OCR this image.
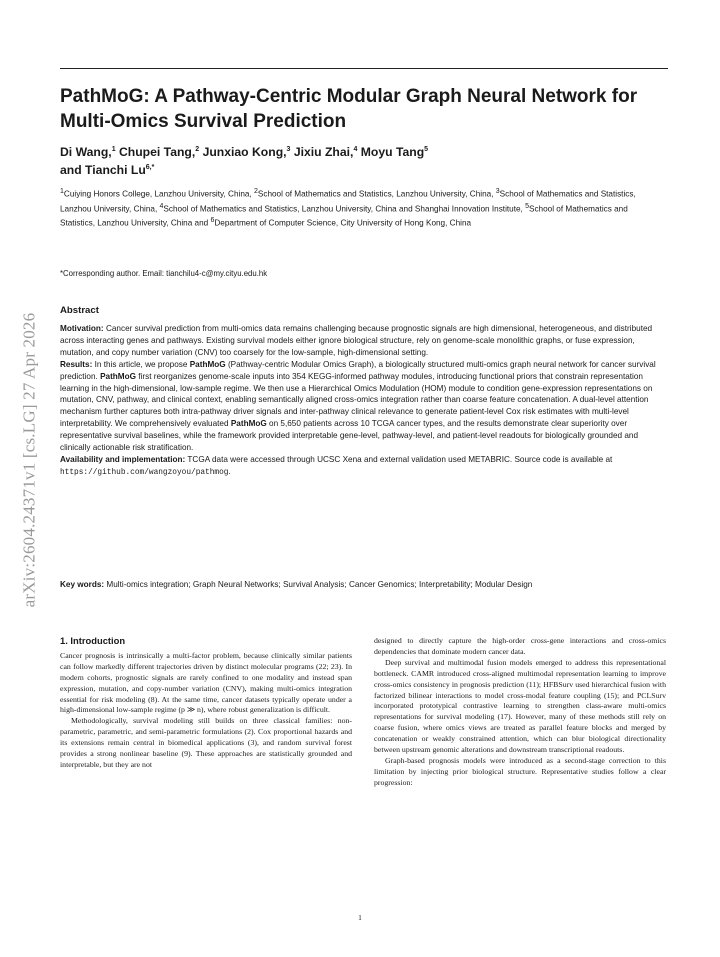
arXiv:2604.24371v1 [cs.LG] 27 Apr 2026
PathMoG: A Pathway-Centric Modular Graph Neural Network for Multi-Omics Survival Prediction

Di Wang,$^1$ Chupei Tang,$^2$ Junxiao Kong,$^3$ Jixiu Zhai,$^4$ Moyu Tang$^5$
and Tianchi $Lu^{6,*}$

$^1$Cuiying Honors College, Lanzhou University, China, $^2$School of Mathematics and Statistics, Lanzhou University, China, $^3$School of Mathematics and Statistics, Lanzhou University, China, $^4$School of Mathematics and Statistics, Lanzhou University, China and Shanghai Innovation Institute, $^5$School of Mathematics and Statistics, Lanzhou University, China and $^6$Department of Computer Science, City University of Hong Kong, China

*Corresponding author. Email: tianchilu4-c@my.cityu.edu.hk

Abstract

Motivation: Cancer survival prediction from multi-omics data remains challenging because prognostic signals are high dimensional, heterogeneous, and distributed across interacting genes and pathways. Existing survival models either ignore biological structure, rely on genome-scale monolithic graphs, or fuse expression, mutation, and copy number variation (CNV) too coarsely for the low-sample, high-dimensional setting.

Results: In this article, we propose PathMoG (Pathway-centric Modular Omics Graph), a biologically structured multi-omics graph neural network for cancer survival prediction. PathMoG first reorganizes genome-scale inputs into 354 KEGG-informed pathway modules, introducing functional priors that constrain representation learning in the high-dimensional, low-sample regime. We then use a Hierarchical Omics Modulation (HOM) module to condition gene-expression representations on mutation, CNV, pathway, and clinical context, enabling semantically aligned cross-omics integration rather than coarse feature concatenation. A dual-level attention mechanism further captures both intra-pathway driver signals and inter-pathway clinical relevance to generate patient-level Cox risk estimates with multi-level interpretability. We comprehensively evaluated PathMoG on 5,650 patients across 10 TCGA cancer types, and the results demonstrate clear superiority over representative survival baselines, while the framework provided interpretable gene-level, pathway-level, and patient-level readouts for biologically grounded and clinically actionable risk stratification.

Availability and implementation: TCGA data were accessed through UCSC Xena and external validation used METABRIC. Source code is available at https://github.com/wangzoyou/pathmog.

Key words: Multi-omics integration; Graph Neural Networks; Survival Analysis; Cancer Genomics; Interpretability; Modular Design

1. Introduction

Cancer prognosis is intrinsically a multi-factor problem, because clinically similar patients can follow markedly different trajectories driven by distinct molecular programs (22; 23). In modern cohorts, prognostic signals are rarely confined to one modality and instead span expression, mutation, and copy-number variation (CNV), making multi-omics integration essential for risk modeling (8). At the same time, cancer datasets typically operate under a high-dimensional low-sample regime (p ≫ n), where robust generalization is difficult.

Methodologically, survival modeling still builds on three classical families: non-parametric, parametric, and semi-parametric formulations (2). Cox proportional hazards and its extensions remain central in biomedical applications (3), and random survival forest provides a strong nonlinear baseline (9). These approaches are statistically grounded and interpretable, but they are not

designed to directly capture the high-order cross-gene interactions and cross-omics dependencies that dominate modern cancer data.

Deep survival and multimodal fusion models emerged to address this representational bottleneck. CAMR introduced cross-aligned multimodal representation learning to improve cross-omics consistency in prognosis prediction (11); HFBSurv used hierarchical fusion with factorized bilinear interactions to model cross-modal feature coupling (15); and PCLSurv incorporated prototypical contrastive learning to strengthen class-aware multi-omics representations for survival modeling (17). However, many of these methods still rely on coarse fusion, where omics views are treated as parallel feature blocks and merged by concatenation or weakly constrained attention, which can blur biological directionality between upstream genomic alterations and downstream transcriptional readouts.

Graph-based prognosis models were introduced as a second-stage correction to this limitation by injecting prior biological structure. Representative studies follow a clear progression:

1
